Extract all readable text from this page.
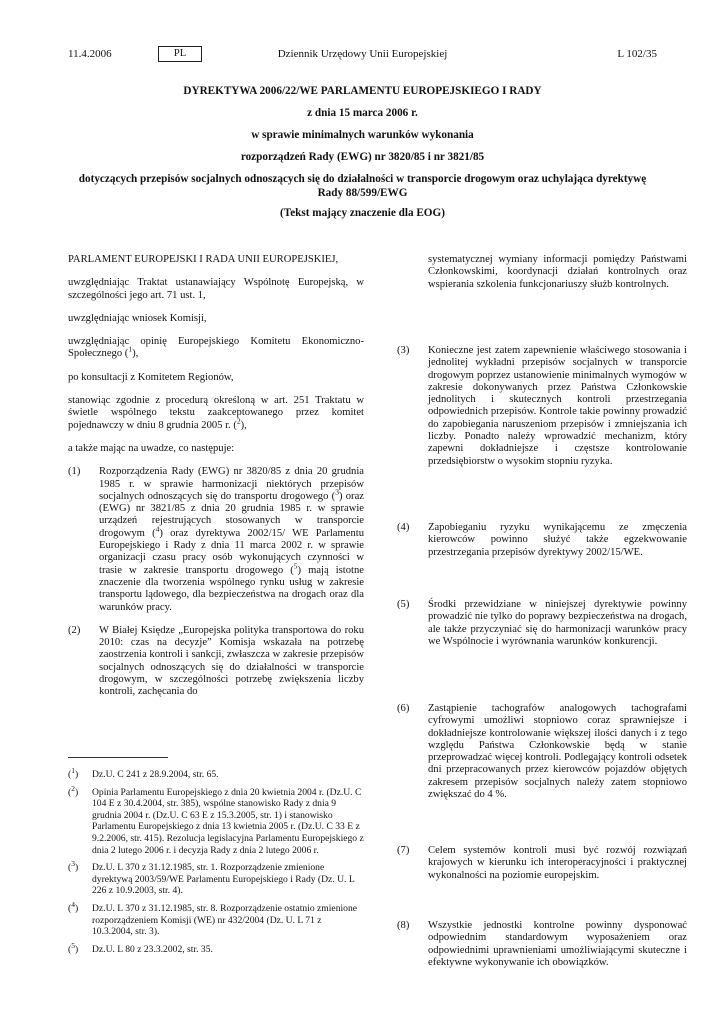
11.4.2006	PL	Dziennik Urzędowy Unii Europejskiej	L 102/35
DYREKTYWA 2006/22/WE PARLAMENTU EUROPEJSKIEGO I RADY
z dnia 15 marca 2006 r.
w sprawie minimalnych warunków wykonania
rozporządzeń Rady (EWG) nr 3820/85 i nr 3821/85
dotyczących przepisów socjalnych odnoszących się do działalności w transporcie drogowym oraz uchylająca dyrektywę Rady 88/599/EWG
(Tekst mający znaczenie dla EOG)

PARLAMENT EUROPEJSKI I RADA UNII EUROPEJSKIEJ,

uwzględniając Traktat ustanawiający Wspólnotę Europejską, w szczególności jego art. 71 ust. 1,

uwzględniając wniosek Komisji,

uwzględniając opinię Europejskiego Komitetu Ekonomiczno-Społecznego ($^1$),

po konsultacji z Komitetem Regionów,

stanowiąc zgodnie z procedurą określoną w art. 251 Traktatu w świetle wspólnego tekstu zaakceptowanego przez komitet pojednawczy w dniu 8 grudnia 2005 r. ($^2$),

a także mając na uwadze, co następuje:

(1) Rozporządzenia Rady (EWG) nr 3820/85 z dnia 20 grudnia 1985 r. w sprawie harmonizacji niektórych przepisów socjalnych odnoszących się do transportu drogowego ($^3$) oraz (EWG) nr 3821/85 z dnia 20 grudnia 1985 r. w sprawie urządzeń rejestrujących stosowanych w transporcie drogowym ($^4$) oraz dyrektywa 2002/15/ WE Parlamentu Europejskiego i Rady z dnia 11 marca 2002 r. w sprawie organizacji czasu pracy osób wykonujących czynności w trasie w zakresie transportu drogowego ($^5$) mają istotne znaczenie dla tworzenia wspólnego rynku usług w zakresie transportu lądowego, dla bezpieczeństwa na drogach oraz dla warunków pracy.
(2) W Białej Księdze „Europejska polityka transportowa do roku 2010: czas na decyzje” Komisja wskazała na potrzebę zaostrzenia kontroli i sankcji, zwłaszcza w zakresie przepisów socjalnych odnoszących się do działalności w transporcie drogowym, w szczególności potrzebę zwiększenia liczby kontroli, zachęcania do
($^1$) Dz.U. C 241 z 28.9.2004, str. 65.
($^2$) Opinia Parlamentu Europejskiego z dnia 20 kwietnia 2004 r. (Dz.U. C 104 E z 30.4.2004, str. 385), wspólne stanowisko Rady z dnia 9 grudnia 2004 r. (Dz.U. C 63 E z 15.3.2005, str. 1) i stanowisko Parlamentu Europejskiego z dnia 13 kwietnia 2005 r. (Dz.U. C 33 E z 9.2.2006, str. 415). Rezolucja legislacyjna Parlamentu Europejskiego z dnia 2 lutego 2006 r. i decyzja Rady z dnia 2 lutego 2006 r.
($^3$) Dz.U. L 370 z 31.12.1985, str. 1. Rozporządzenie zmienione dyrektywą 2003/59/WE Parlamentu Europejskiego i Rady (Dz. U. L 226 z 10.9.2003, str. 4).
($^4$) Dz.U. L 370 z 31.12.1985, str. 8. Rozporządzenie ostatnio zmienione rozporządzeniem Komisji (WE) nr 432/2004 (Dz. U. L 71 z 10.3.2004, str. 3).
($^5$) Dz.U. L 80 z 23.3.2002, str. 35.

systematycznej wymiany informacji pomiędzy Państwami Członkowskimi, koordynacji działań kontrolnych oraz wspierania szkolenia funkcjonariuszy służb kontrolnych.

(3) Konieczne jest zatem zapewnienie właściwego stosowania i jednolitej wykładni przepisów socjalnych w transporcie drogowym poprzez ustanowienie minimalnych wymogów w zakresie dokonywanych przez Państwa Członkowskie jednolitych i skutecznych kontroli przestrzegania odpowiednich przepisów. Kontrole takie powinny prowadzić do zapobiegania naruszeniom przepisów i zmniejszania ich liczby. Ponadto należy wprowadzić mechanizm, który zapewni dokładniejsze i częstsze kontrolowanie przedsiębiorstw o wysokim stopniu ryzyka.
(4) Zapobieganiu ryzyku wynikającemu ze zmęczenia kierowców powinno służyć także egzekwowanie przestrzegania przepisów dyrektywy 2002/15/WE.
(5) Środki przewidziane w niniejszej dyrektywie powinny prowadzić nie tylko do poprawy bezpieczeństwa na drogach, ale także przyczyniać się do harmonizacji warunków pracy we Wspólnocie i wyrównania warunków konkurencji.
(6) Zastąpienie tachografów analogowych tachografami cyfrowymi umożliwi stopniowo coraz sprawniejsze i dokładniejsze kontrolowanie większej ilości danych i z tego względu Państwa Członkowskie będą w stanie przeprowadzać więcej kontroli. Podlegający kontroli odsetek dni przepracowanych przez kierowców pojazdów objętych zakresem przepisów socjalnych należy zatem stopniowo zwiększać do 4 %.
(7) Celem systemów kontroli musi być rozwój rozwiązań krajowych w kierunku ich interoperacyjności i praktycznej wykonalności na poziomie europejskim.
(8) Wszystkie jednostki kontrolne powinny dysponować odpowiednim standardowym wyposażeniem oraz odpowiednimi uprawnieniami umożliwiającymi skuteczne i efektywne wykonywanie ich obowiązków.
